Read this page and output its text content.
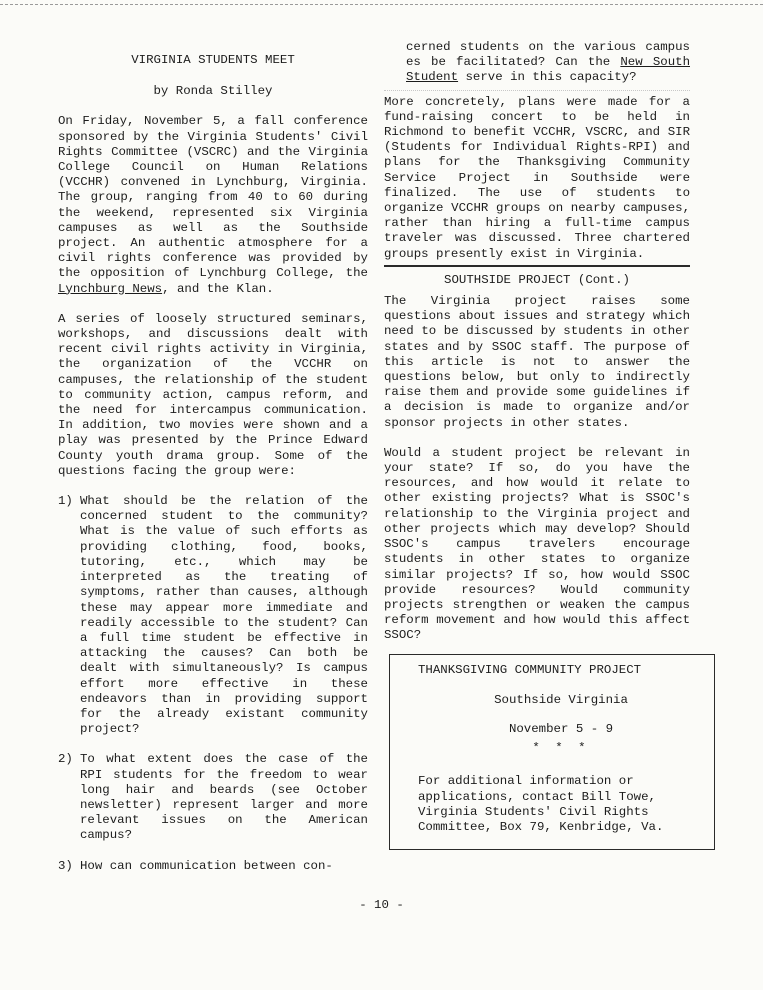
VIRGINIA STUDENTS MEET
by Ronda Stilley

On Friday, November 5, a fall conference sponsored by the Virginia Students' Civil Rights Committee (VSCRC) and the Virginia College Council on Human Relations (VCCHR) convened in Lynchburg, Virginia. The group, ranging from 40 to 60 during the weekend, represented six Virginia campuses as well as the Southside project. An authentic atmosphere for a civil rights conference was provided by the opposition of Lynchburg College, the Lynchburg News, and the Klan.

A series of loosely structured seminars, workshops, and discussions dealt with recent civil rights activity in Virginia, the organization of the VCCHR on campuses, the relationship of the student to community action, campus reform, and the need for intercampus communication. In addition, two movies were shown and a play was presented by the Prince Edward County youth drama group. Some of the questions facing the group were:

1) What should be the relation of the concerned student to the community? What is the value of such efforts as providing clothing, food, books, tutoring, etc., which may be interpreted as the treating of symptoms, rather than causes, although these may appear more immediate and readily accessible to the student? Can a full time student be effective in attacking the causes? Can both be dealt with simultaneously? Is campus effort more effective in these endeavors than in providing support for the already existant community project?
2) To what extent does the case of the RPI students for the freedom to wear long hair and beards (see October newsletter) represent larger and more relevant issues on the American campus?
3) How can communication between con-
cerned students on the various campus es be facilitated? Can the New South Student serve in this capacity?

More concretely, plans were made for a fund-raising concert to be held in Richmond to benefit VCCHR, VSCRC, and SIR (Students for Individual Rights-RPI) and plans for the Thanksgiving Community Service Project in Southside were finalized. The use of students to organize VCCHR groups on nearby campuses, rather than hiring a full-time campus traveler was discussed. Three chartered groups presently exist in Virginia.

SOUTHSIDE PROJECT (Cont.)

The Virginia project raises some questions about issues and strategy which need to be discussed by students in other states and by SSOC staff. The purpose of this article is not to answer the questions below, but only to indirectly raise them and provide some guidelines if a decision is made to organize and/or sponsor projects in other states.

Would a student project be relevant in your state? If so, do you have the resources, and how would it relate to other existing projects? What is SSOC's relationship to the Virginia project and other projects which may develop? Should SSOC's campus travelers encourage students in other states to organize similar projects? If so, how would SSOC provide resources? Would community projects strengthen or weaken the campus reform movement and how would this affect SSOC?

THANKSGIVING COMMUNITY PROJECT
Southside Virginia
November 5 - 9
* * *

For additional information or applications, contact Bill Towe, Virginia Students' Civil Rights Committee, Box 79, Kenbridge, Va.

- 10 -
